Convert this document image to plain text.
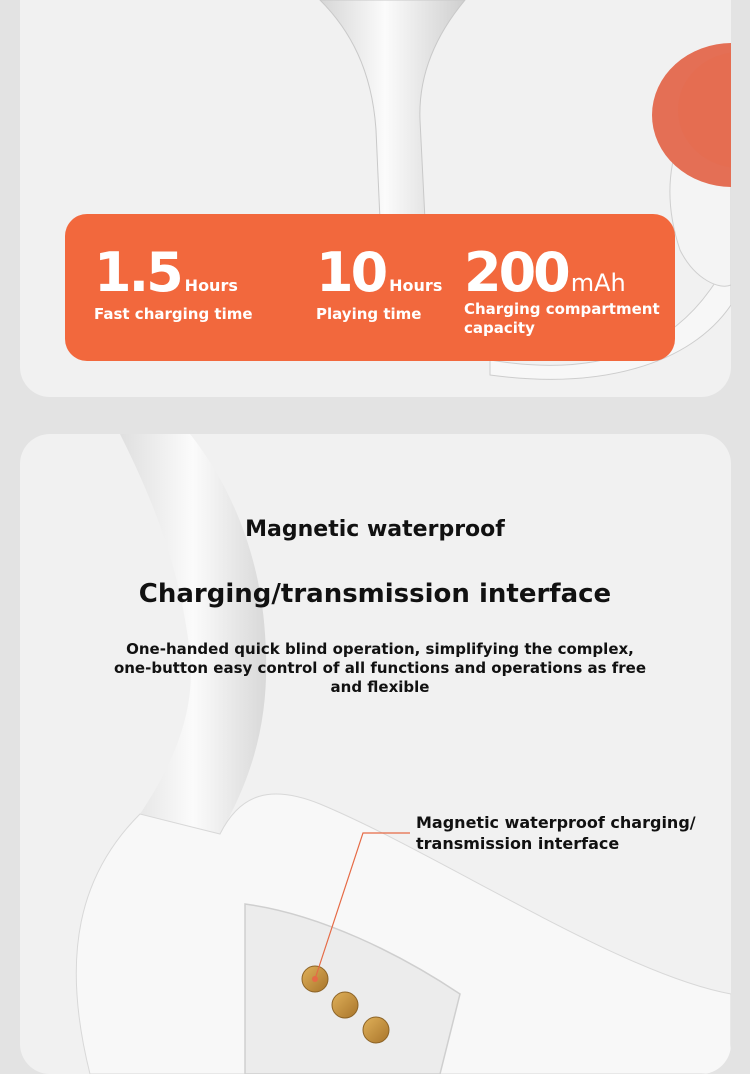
1.5 Hours
Fast charging time
10 Hours
Playing time
200 mAh
Charging compartment capacity
Magnetic waterproof
Charging/transmission interface
One-handed quick blind operation, simplifying the complex, one-button easy control of all functions and operations as free and flexible
Magnetic waterproof charging/ transmission interface
